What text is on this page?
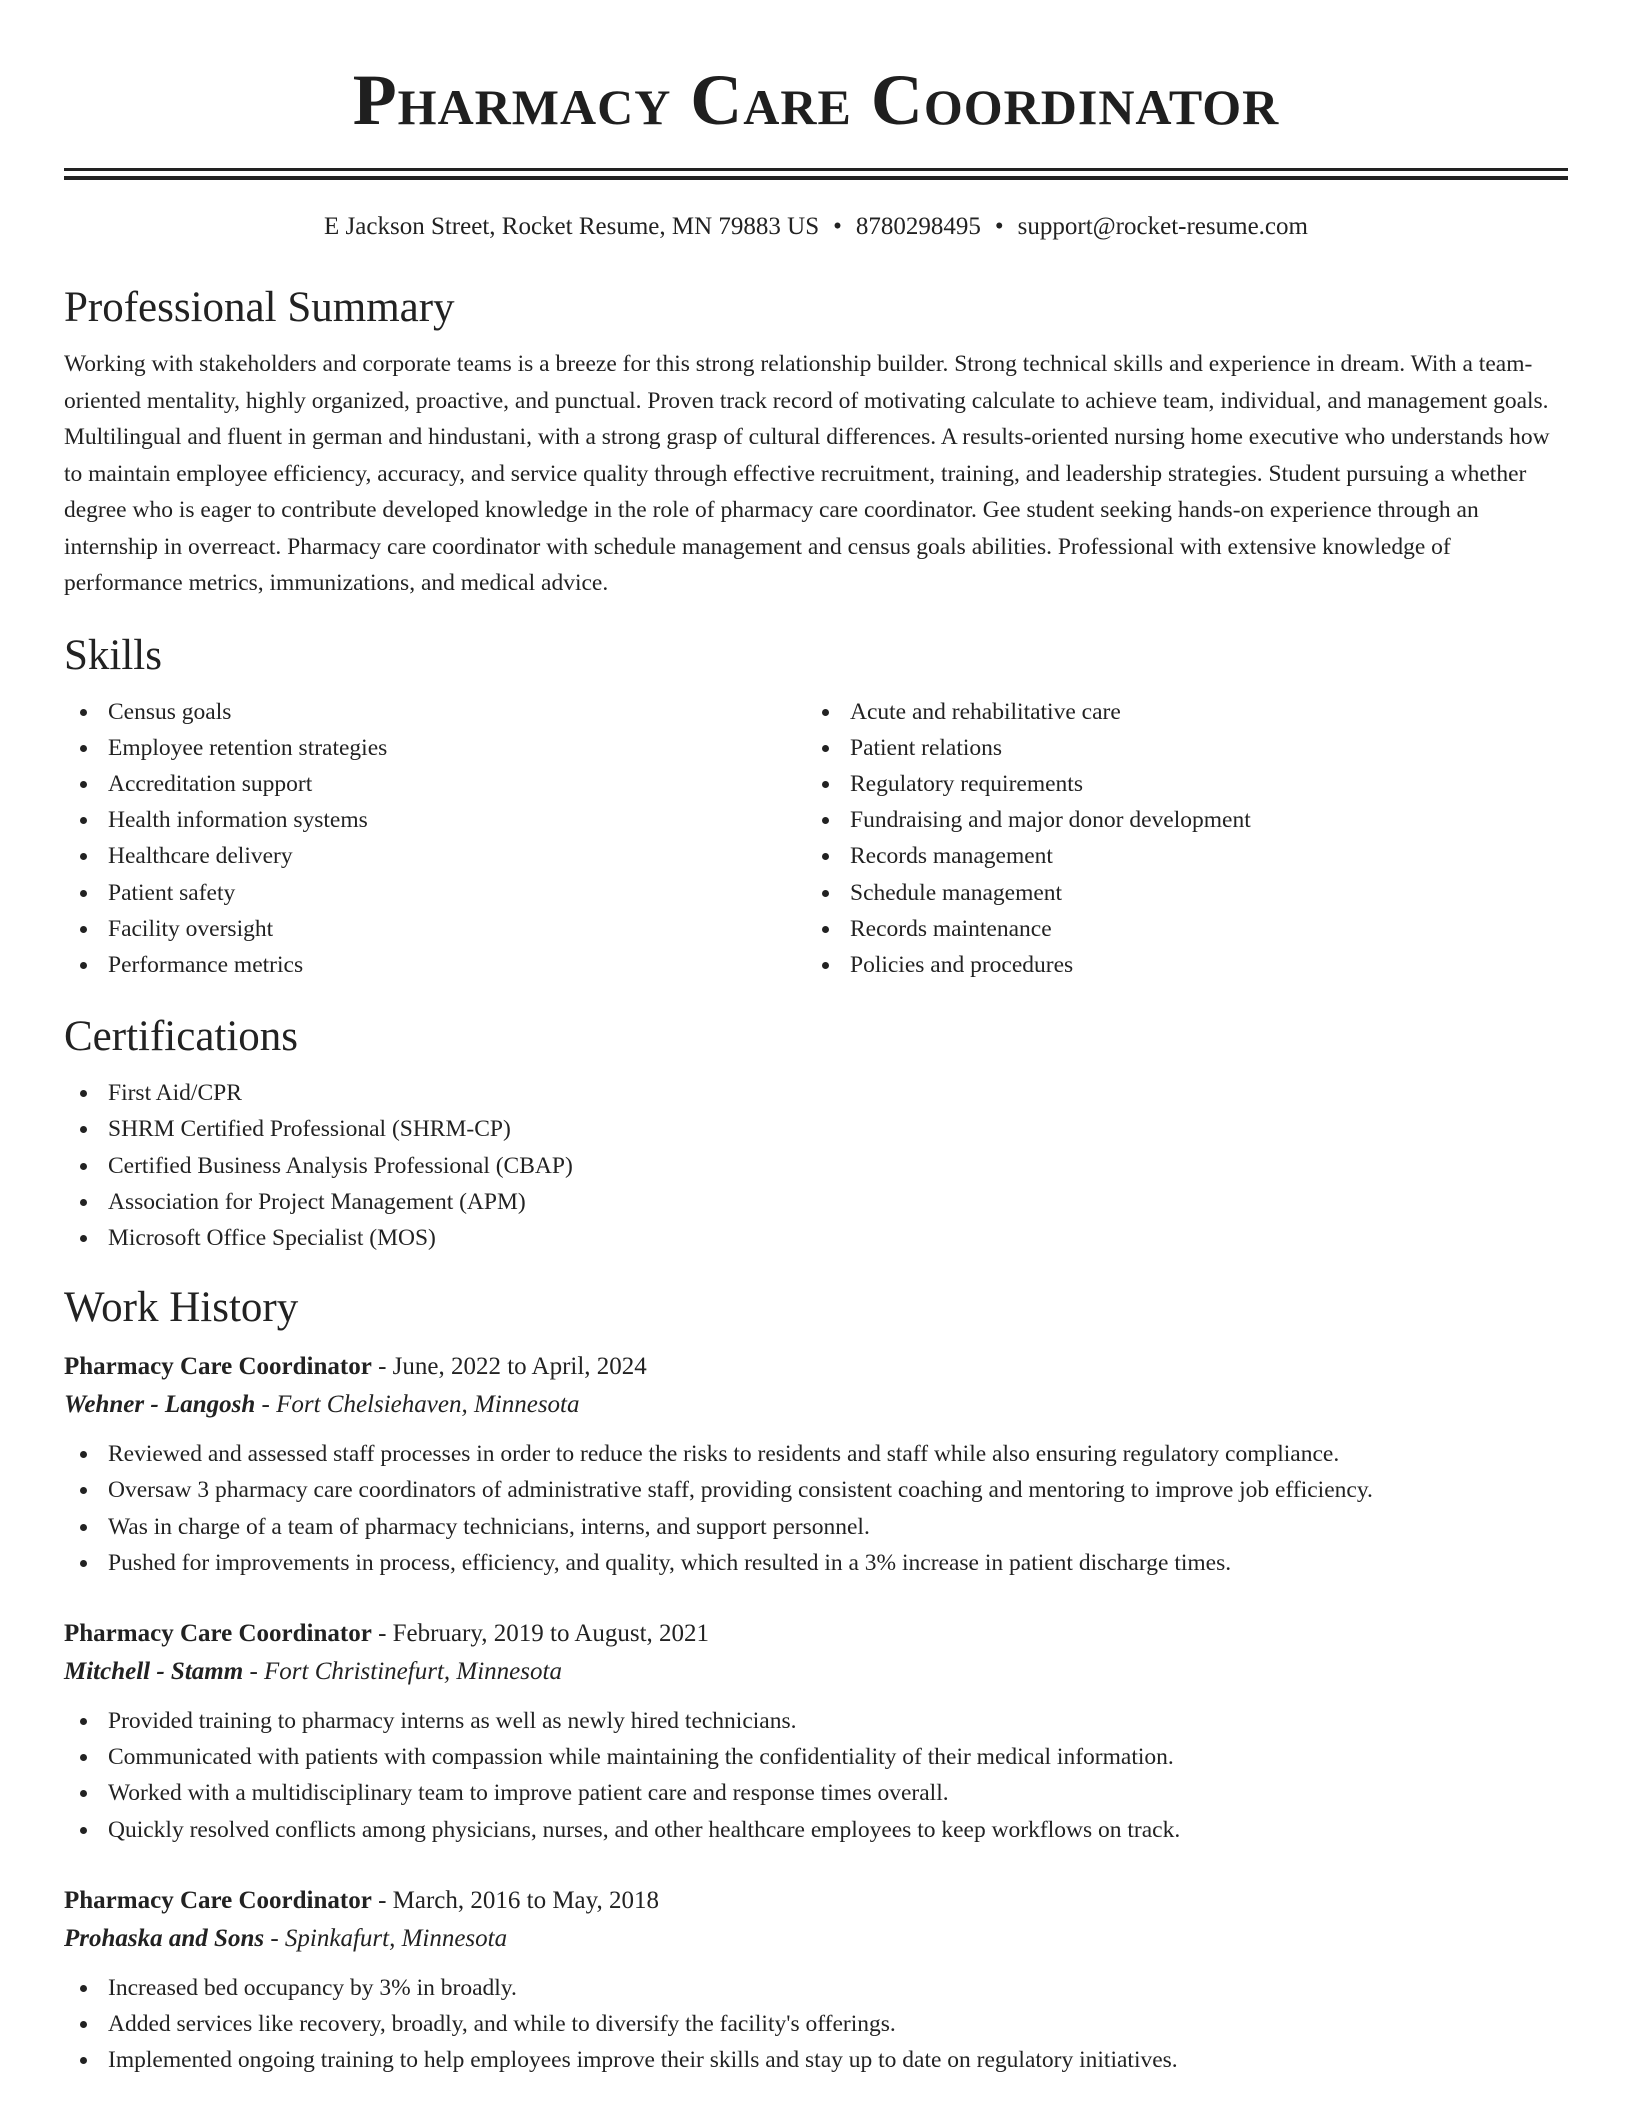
Pharmacy Care Coordinator
E Jackson Street, Rocket Resume, MN 79883 US • 8780298495 • support@rocket-resume.com
Professional Summary

Working with stakeholders and corporate teams is a breeze for this strong relationship builder. Strong technical skills and experience in dream. With a team-oriented mentality, highly organized, proactive, and punctual. Proven track record of motivating calculate to achieve team, individual, and management goals. Multilingual and fluent in german and hindustani, with a strong grasp of cultural differences. A results-oriented nursing home executive who understands how to maintain employee efficiency, accuracy, and service quality through effective recruitment, training, and leadership strategies. Student pursuing a whether degree who is eager to contribute developed knowledge in the role of pharmacy care coordinator. Gee student seeking hands-on experience through an internship in overreact. Pharmacy care coordinator with schedule management and census goals abilities. Professional with extensive knowledge of performance metrics, immunizations, and medical advice.

Skills
Census goals
Employee retention strategies
Accreditation support
Health information systems
Healthcare delivery
Patient safety
Facility oversight
Performance metrics
Acute and rehabilitative care
Patient relations
Regulatory requirements
Fundraising and major donor development
Records management
Schedule management
Records maintenance
Policies and procedures
Certifications
First Aid/CPR
SHRM Certified Professional (SHRM-CP)
Certified Business Analysis Professional (CBAP)
Association for Project Management (APM)
Microsoft Office Specialist (MOS)
Work History
Pharmacy Care Coordinator - June, 2022 to April, 2024
Wehner - Langosh - Fort Chelsiehaven, Minnesota
Reviewed and assessed staff processes in order to reduce the risks to residents and staff while also ensuring regulatory compliance.
Oversaw 3 pharmacy care coordinators of administrative staff, providing consistent coaching and mentoring to improve job efficiency.
Was in charge of a team of pharmacy technicians, interns, and support personnel.
Pushed for improvements in process, efficiency, and quality, which resulted in a 3% increase in patient discharge times.
Pharmacy Care Coordinator - February, 2019 to August, 2021
Mitchell - Stamm - Fort Christinefurt, Minnesota
Provided training to pharmacy interns as well as newly hired technicians.
Communicated with patients with compassion while maintaining the confidentiality of their medical information.
Worked with a multidisciplinary team to improve patient care and response times overall.
Quickly resolved conflicts among physicians, nurses, and other healthcare employees to keep workflows on track.
Pharmacy Care Coordinator - March, 2016 to May, 2018
Prohaska and Sons - Spinkafurt, Minnesota
Increased bed occupancy by 3% in broadly.
Added services like recovery, broadly, and while to diversify the facility's offerings.
Implemented ongoing training to help employees improve their skills and stay up to date on regulatory initiatives.
